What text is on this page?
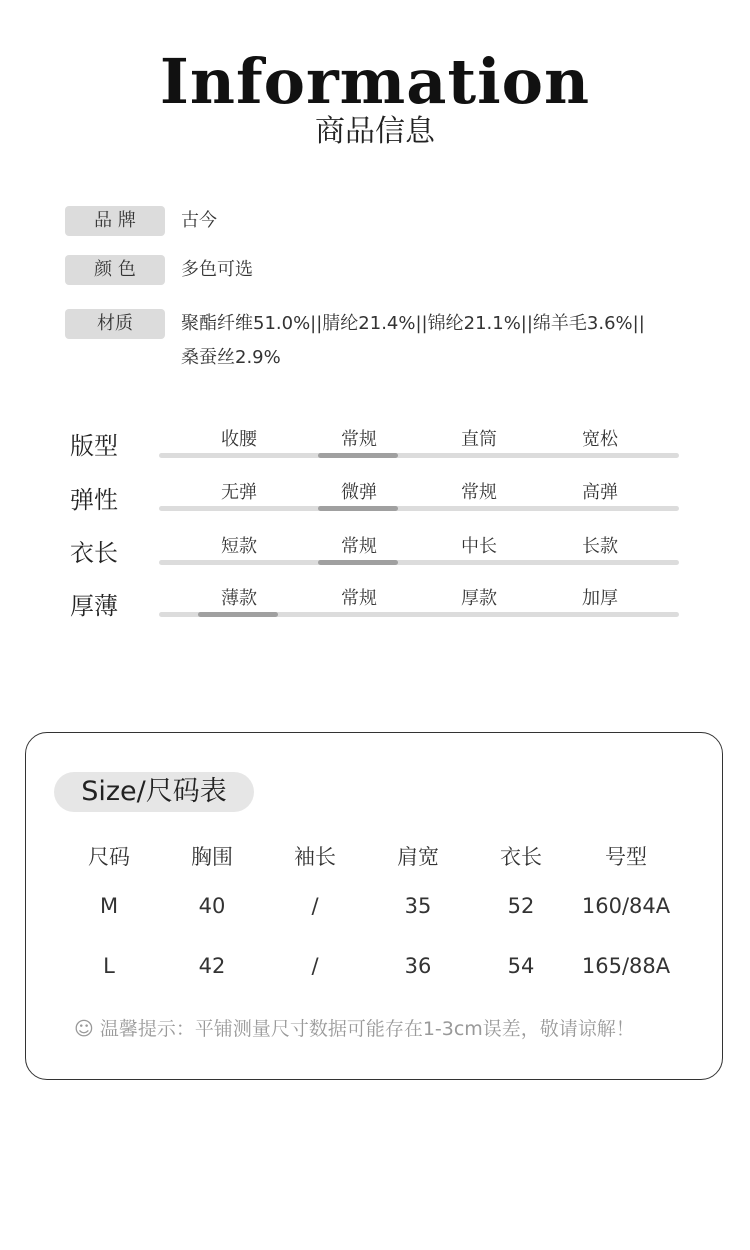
Information
商品信息
品 牌	古今
颜 色	多色可选
材质	聚酯纤维51.0%||腈纶21.4%||锦纶21.1%||绵羊毛3.6%||
桑蚕丝2.9%
版型	收腰	常规	直筒	宽松
弹性	无弹	微弹	常规	高弹
衣长	短款	常规	中长	长款
厚薄	薄款	常规	厚款	加厚
Size/尺码表
尺码	胸围	袖长	肩宽	衣长	号型
M	40	/	35	52	160/84A
L	42	/	36	54	165/88A
☺ 温馨提示：平铺测量尺寸数据可能存在1-3cm误差，敬请谅解！
